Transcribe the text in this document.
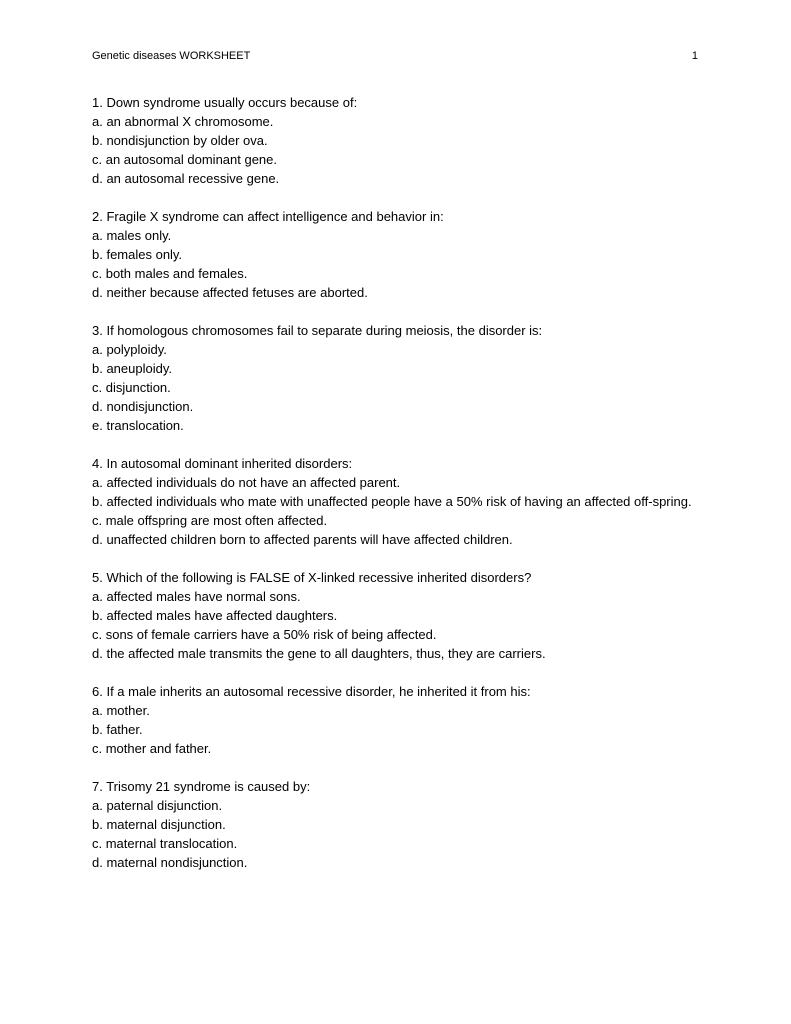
Genetic diseases WORKSHEET	1
1. Down syndrome usually occurs because of:
a. an abnormal X chromosome.
b. nondisjunction by older ova.
c. an autosomal dominant gene.
d. an autosomal recessive gene.
2. Fragile X syndrome can affect intelligence and behavior in:
a. males only.
b. females only.
c. both males and females.
d. neither because affected fetuses are aborted.
3. If homologous chromosomes fail to separate during meiosis, the disorder is:
a. polyploidy.
b. aneuploidy.
c. disjunction.
d. nondisjunction.
e. translocation.
4. In autosomal dominant inherited disorders:
a. affected individuals do not have an affected parent.
b. affected individuals who mate with unaffected people have a 50% risk of having an affected off-spring.
c. male offspring are most often affected.
d. unaffected children born to affected parents will have affected children.
5. Which of the following is FALSE of X-linked recessive inherited disorders?
a. affected males have normal sons.
b. affected males have affected daughters.
c. sons of female carriers have a 50% risk of being affected.
d. the affected male transmits the gene to all daughters, thus, they are carriers.
6. If a male inherits an autosomal recessive disorder, he inherited it from his:
a. mother.
b. father.
c. mother and father.
7. Trisomy 21 syndrome is caused by:
a. paternal disjunction.
b. maternal disjunction.
c. maternal translocation.
d. maternal nondisjunction.
